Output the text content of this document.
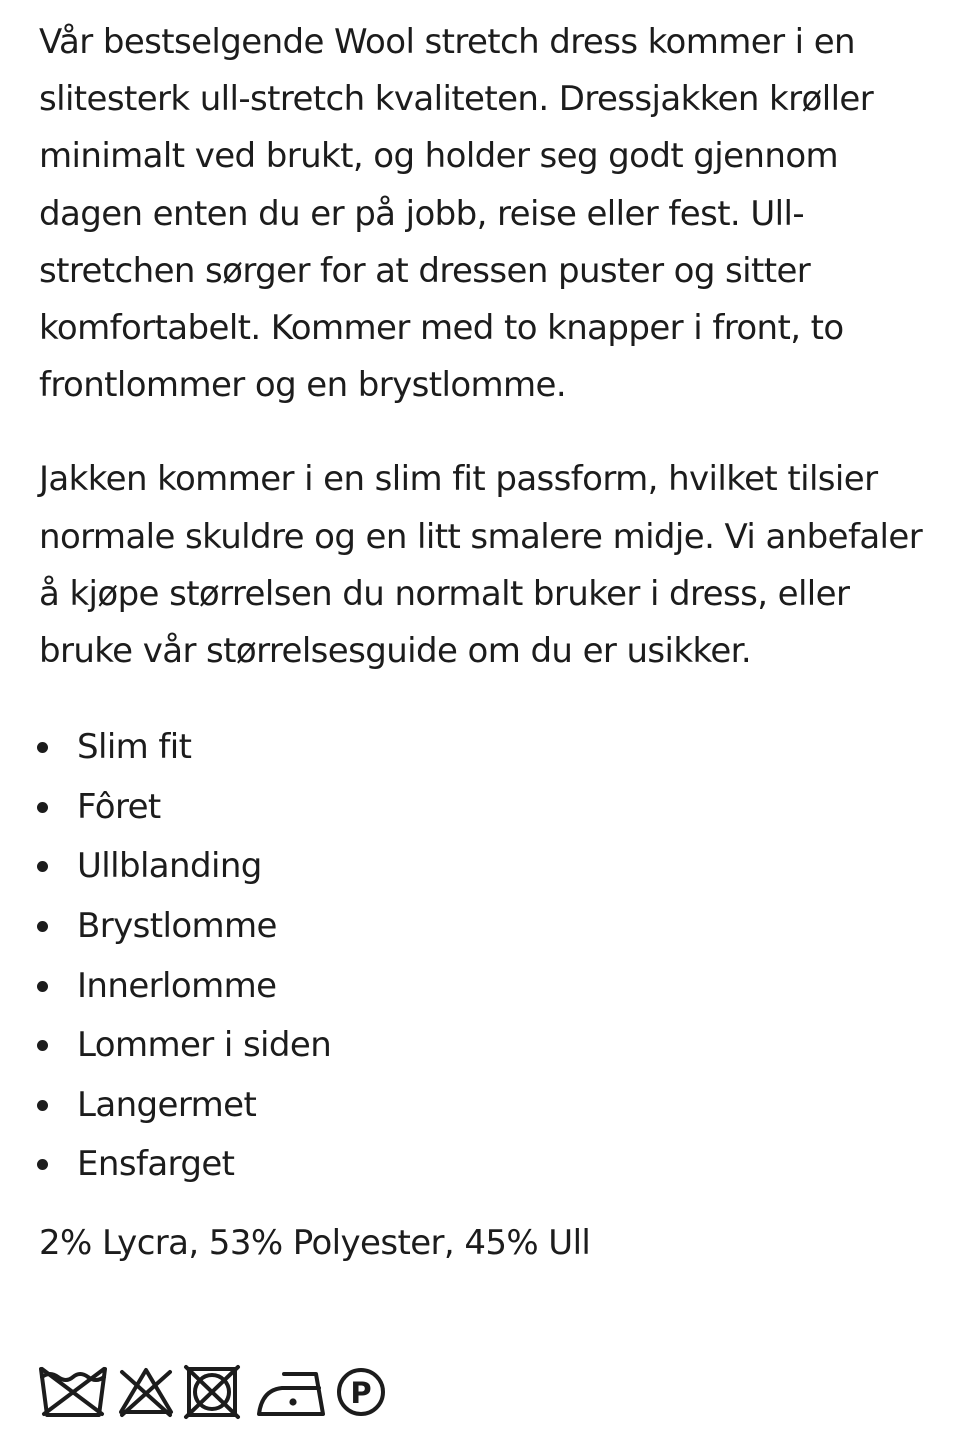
Vår bestselgende Wool stretch dress kommer i en slitesterk ull-stretch kvaliteten. Dressjakken krøller minimalt ved brukt, og holder seg godt gjennom dagen enten du er på jobb, reise eller fest. Ull-stretchen sørger for at dressen puster og sitter komfortabelt. Kommer med to knapper i front, to frontlommer og en brystlomme.

Jakken kommer i en slim fit passform, hvilket tilsier normale skuldre og en litt smalere midje. Vi anbefaler å kjøpe størrelsen du normalt bruker i dress, eller bruke vår størrelsesguide om du er usikker.

Slim fit
Fôret
Ullblanding
Brystlomme
Innerlomme
Lommer i siden
Langermet
Ensfarget

2% Lycra, 53% Polyester, 45% Ull

P
